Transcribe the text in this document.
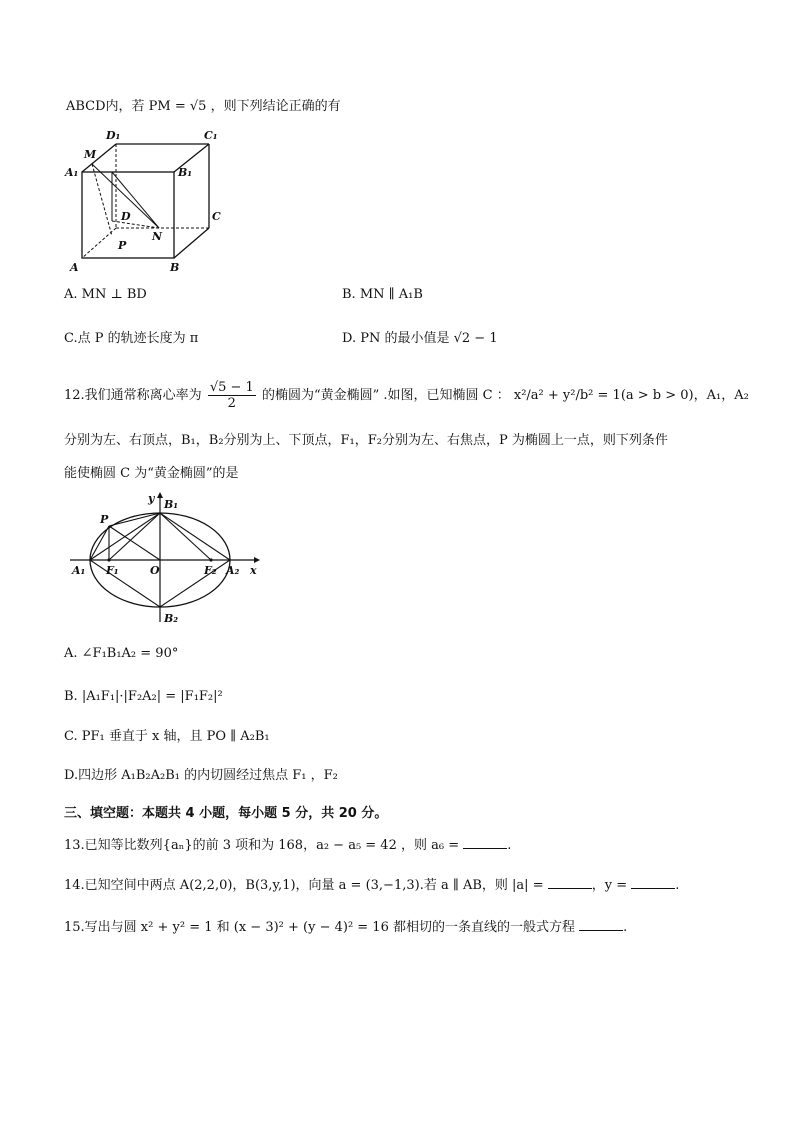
ABCD内，若 PM = √5 ，则下列结论正确的有
D₁	C₁
M
A₁	B₁
D	C
N
P
A	B
A. MN ⊥ BD	B. MN ∥ A₁B
C.点 P 的轨迹长度为 π	D. PN 的最小值是 √2 − 1
12.我们通常称离心率为 $\frac{√5 - 1}{2}$ 的椭圆为“黄金椭圆” .如图，已知椭圆 C ： x²/a² + y²/b² = 1(a > b > 0)，A₁，A₂
分别为左、右顶点，B₁，B₂分别为上、下顶点，F₁，F₂分别为左、右焦点，P 为椭圆上一点，则下列条件
能使椭圆 C 为“黄金椭圆”的是
y B₁
P
A₁ F₁	O	F₂ A₂ x
B₂
A. ∠F₁B₁A₂ = 90°
B. |A₁F₁|·|F₂A₂| = |F₁F₂|²
C. PF₁ 垂直于 x 轴，且 PO ∥ A₂B₁
D.四边形 A₁B₂A₂B₁ 的内切圆经过焦点 F₁ ，F₂
三、填空题：本题共 4 小题，每小题 5 分，共 20 分。
13.已知等比数列{aₙ}的前 3 项和为 168，a₂ − a₅ = 42 ，则 a₆ =	.
14.已知空间中两点 A(2,2,0)，B(3,y,1)，向量 a = (3,−1,3).若 a ∥ AB，则 |a| =	，y =	.
15.写出与圆 x² + y² = 1 和 (x − 3)² + (y − 4)² = 16 都相切的一条直线的一般式方程	.
